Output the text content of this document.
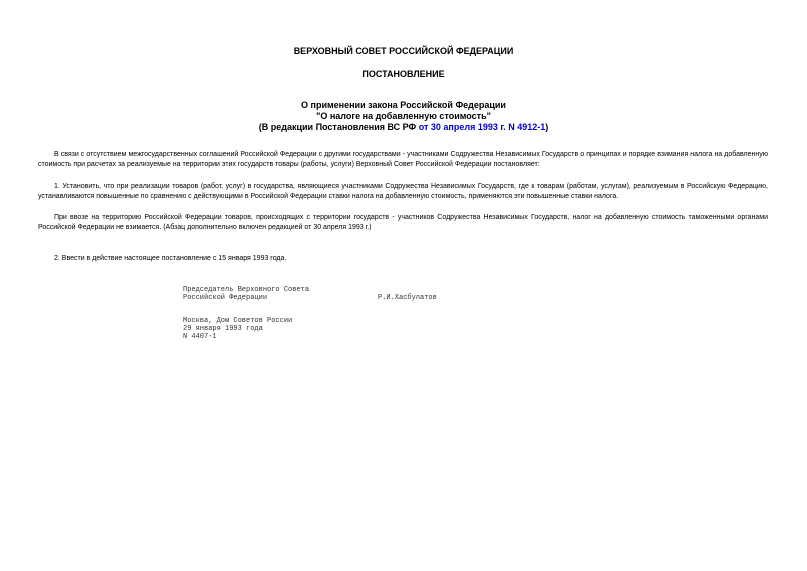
ВЕРХОВНЫЙ СОВЕТ РОССИЙСКОЙ ФЕДЕРАЦИИ
ПОСТАНОВЛЕНИЕ
О применении закона Российской Федерации
"О налоге на добавленную стоимость"
(В редакции Постановления ВС РФ от 30 апреля 1993 г. N 4912-1)

В связи с отсутствием межгосударственных соглашений Российской Федерации с другими государствами - участниками Содружества Независимых Государств о принципах и порядке взимания налога на добавленную стоимость при расчетах за реализуемые на территории этих государств товары (работы, услуги) Верховный Совет Российской Федерации постановляет:

1. Установить, что при реализации товаров (работ, услуг) в государства, являющиеся участниками Содружества Независимых Государств, где к товарам (работам, услугам), реализуемым в Российскую Федерацию, устанавливаются повышенные по сравнению с действующими в Российской Федерации ставки налога на добавленную стоимость, применяются эти повышенные ставки налога.

При ввозе на территорию Российской Федерации товаров, происходящих с территории государств - участников Содружества Независимых Государств, налог на добавленную стоимость таможенными органами Российской Федерации не взимается. (Абзац дополнительно включен редакцией от 30 апреля 1993 г.)

2. Ввести в действие настоящее постановление с 15 января 1993 года.

Председатель Верховного Совета
Российской Федерации	Р.И.Хасбулатов
Москва, Дом Советов России
29 января 1993 года
N 4407-1
